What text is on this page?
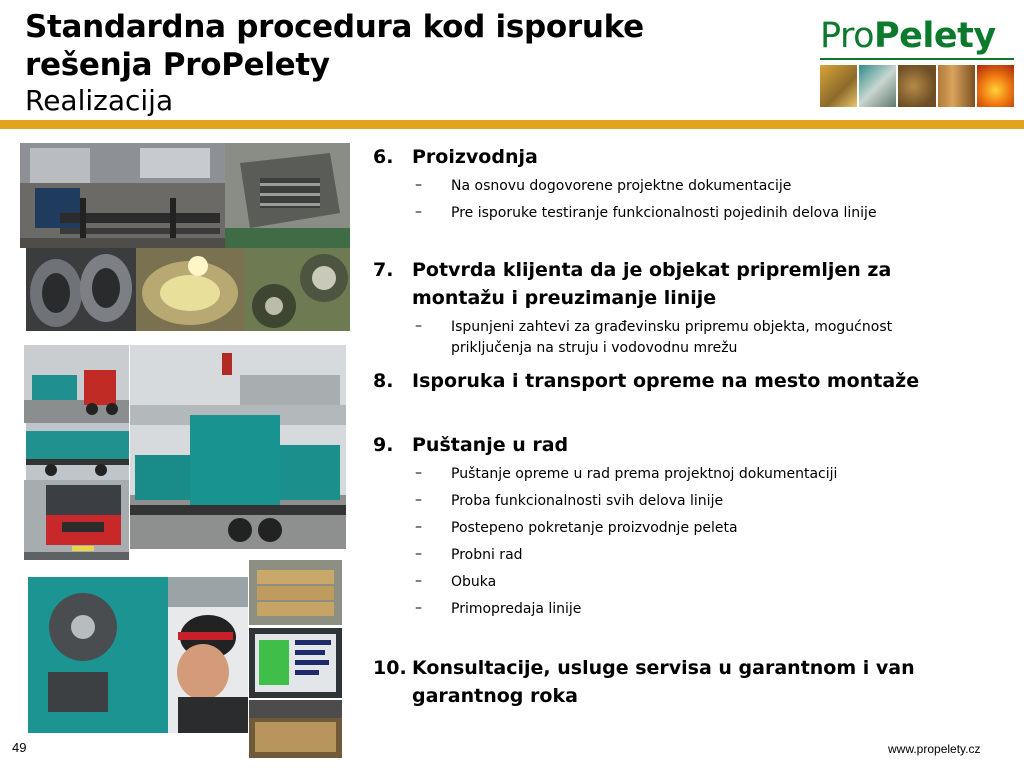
Standardna procedura kod isporuke
rešenja ProPelety
Realizacija
ProPelety
6. Proizvodnja
– Na osnovu dogovorene projektne dokumentacije
– Pre isporuke testiranje funkcionalnosti pojedinih delova linije
7. Potvrda klijenta da je objekat pripremljen za
montažu i preuzimanje linije
– Ispunjeni zahtevi za građevinsku pripremu objekta, mogućnost
priključenja na struju i vodovodnu mrežu
8. Isporuka i transport opreme na mesto montaže
9. Puštanje u rad
– Puštanje opreme u rad prema projektnoj dokumentaciji
– Proba funkcionalnosti svih delova linije
– Postepeno pokretanje proizvodnje peleta
– Probni rad
– Obuka
– Primopredaja linije
10. Konsultacije, usluge servisa u garantnom i van
garantnog roka
49	www.propelety.cz
